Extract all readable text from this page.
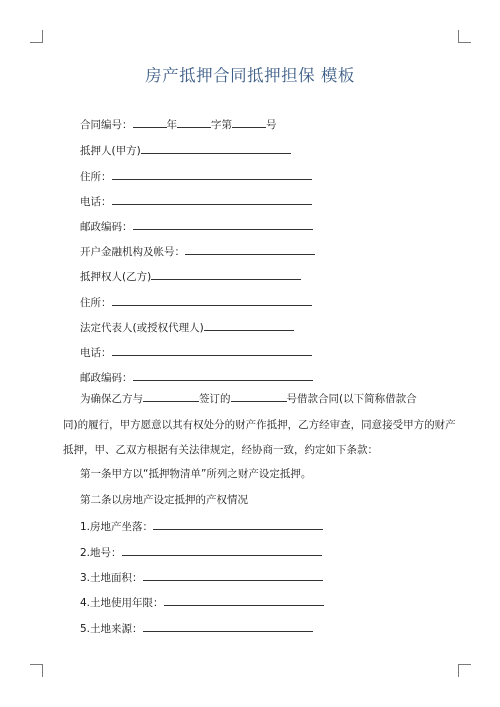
房产抵押合同抵押担保 模板
合同编号：	年	字第	号
抵押人(甲方)
住所：
电话：
邮政编码：
开户金融机构及帐号：
抵押权人(乙方)
住所：
法定代表人(或授权代理人)
电话：
邮政编码：
为确保乙方与	签订的	号借款合同(以下简称借款合
同)的履行，甲方愿意以其有权处分的财产作抵押，乙方经审查，同意接受甲方的财产
抵押，甲、乙双方根据有关法律规定，经协商一致，约定如下条款：
第一条甲方以“抵押物清单”所列之财产设定抵押。
第二条以房地产设定抵押的产权情况
1.房地产坐落：
2.地号：
3.土地面积：
4.土地使用年限：
5.土地来源：
